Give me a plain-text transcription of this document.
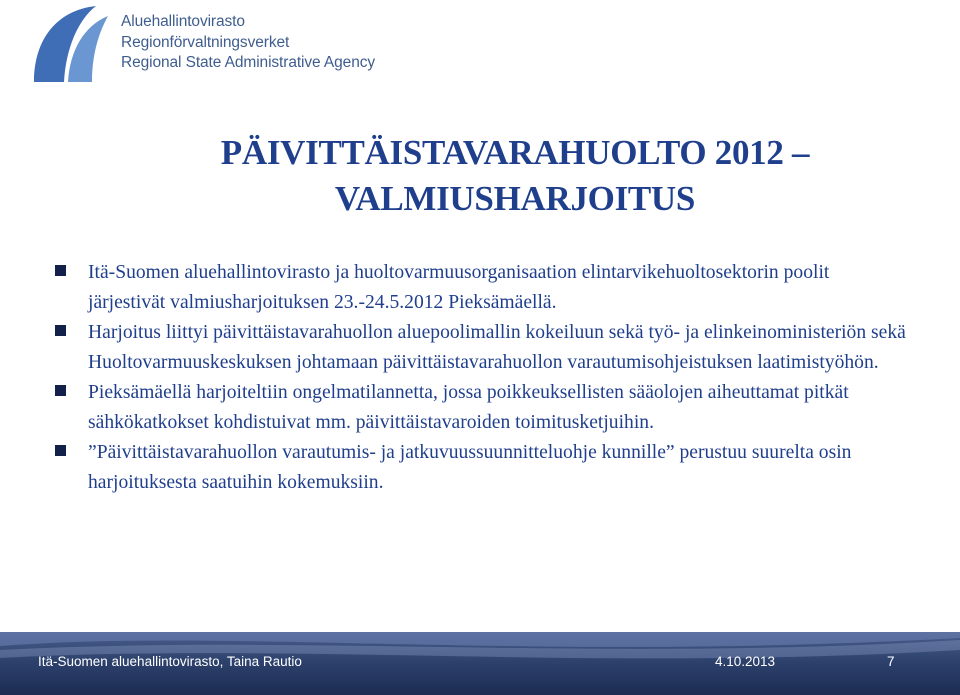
Aluehallintovirasto
Regionförvaltningsverket
Regional State Administrative Agency
PÄIVITTÄISTAVARAHUOLTO 2012 –
VALMIUSHARJOITUS
Itä-Suomen aluehallintovirasto ja huoltovarmuusorganisaation elintarvikehuoltosektorin poolit järjestivät valmiusharjoituksen 23.-24.5.2012 Pieksämäellä.
Harjoitus liittyi päivittäistavarahuollon aluepoolimallin kokeiluun sekä työ- ja elinkeinoministeriön sekä Huoltovarmuuskeskuksen johtamaan päivittäistavarahuollon varautumisohjeistuksen laatimistyöhön.
Pieksämäellä harjoiteltiin ongelmatilannetta, jossa poikkeuksellisten sääolojen aiheuttamat pitkät sähkökatkokset kohdistuivat mm. päivittäistavaroiden toimitusketjuihin.
”Päivittäistavarahuollon varautumis- ja jatkuvuussuunnitteluohje kunnille” perustuu suurelta osin harjoituksesta saatuihin kokemuksiin.
Itä-Suomen aluehallintovirasto, Taina Rautio	4.10.2013	7
